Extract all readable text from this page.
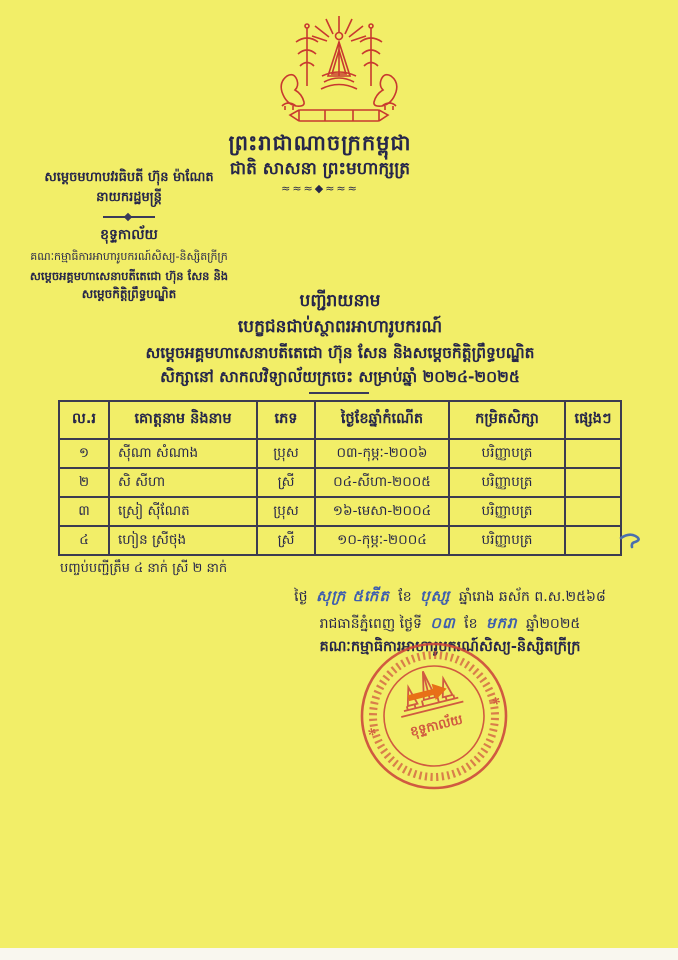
ព្រះរាជាណាចក្រកម្ពុជា
ជាតិ សាសនា ព្រះមហាក្សត្រ
≈≈≈◆≈≈≈
សម្តេចមហាបវរធិបតី ហ៊ុន ម៉ាណែត
នាយករដ្ឋមន្ត្រី
ខុទ្ទកាល័យ
គណៈកម្មាធិការអាហារូបករណ៍សិស្យ-និស្សិតក្រីក្រ
សម្តេចអគ្គមហាសេនាបតីតេជោ ហ៊ុន សែន និង
សម្តេចកិត្តិព្រឹទ្ធបណ្ឌិត	បញ្ជីរាយនាម
បេក្ខជនជាប់ស្ថាពរអាហារូបករណ៍
សម្តេចអគ្គមហាសេនាបតីតេជោ ហ៊ុន សែន និងសម្តេចកិត្តិព្រឹទ្ធបណ្ឌិត
សិក្សានៅ សាកលវិទ្យាល័យក្រចេះ សម្រាប់ឆ្នាំ ២០២៤-២០២៥
ល.រ	គោត្តនាម និងនាម	ភេទ	ថ្ងៃខែឆ្នាំកំណើត	កម្រិតសិក្សា	ផ្សេងៗ
១	ស៊ីណា សំណាង	ប្រុស	០៣-កុម្ភៈ-២០០៦	បរិញ្ញាបត្រ	
២	សិ សីហា	ស្រី	០៤-សីហា-២០០៥	បរិញ្ញាបត្រ	
៣	ស្រៀ ស៊ីណែត	ប្រុស	១៦-មេសា-២០០៤	បរិញ្ញាបត្រ	
៤	ហៀន ស្រីថុង	ស្រី	១០-កុម្ភៈ-២០០៤	បរិញ្ញាបត្រ	
បញ្ចប់បញ្ជីត្រឹម ៤ នាក់ ស្រី ២ នាក់
ថ្ងៃ សុក្រ ៥កើត ខែ បុស្ស ឆ្នាំរោង ឆស័ក ព.ស.២៥៦៨
រាជធានីភ្នំពេញ ថ្ងៃទី ០៣ ខែ មករា ឆ្នាំ២០២៥
គណៈកម្មាធិការអាហារូបករណ៍សិស្យ-និស្សិតក្រីក្រ
ខុទ្ទកាល័យ
✻
✻
